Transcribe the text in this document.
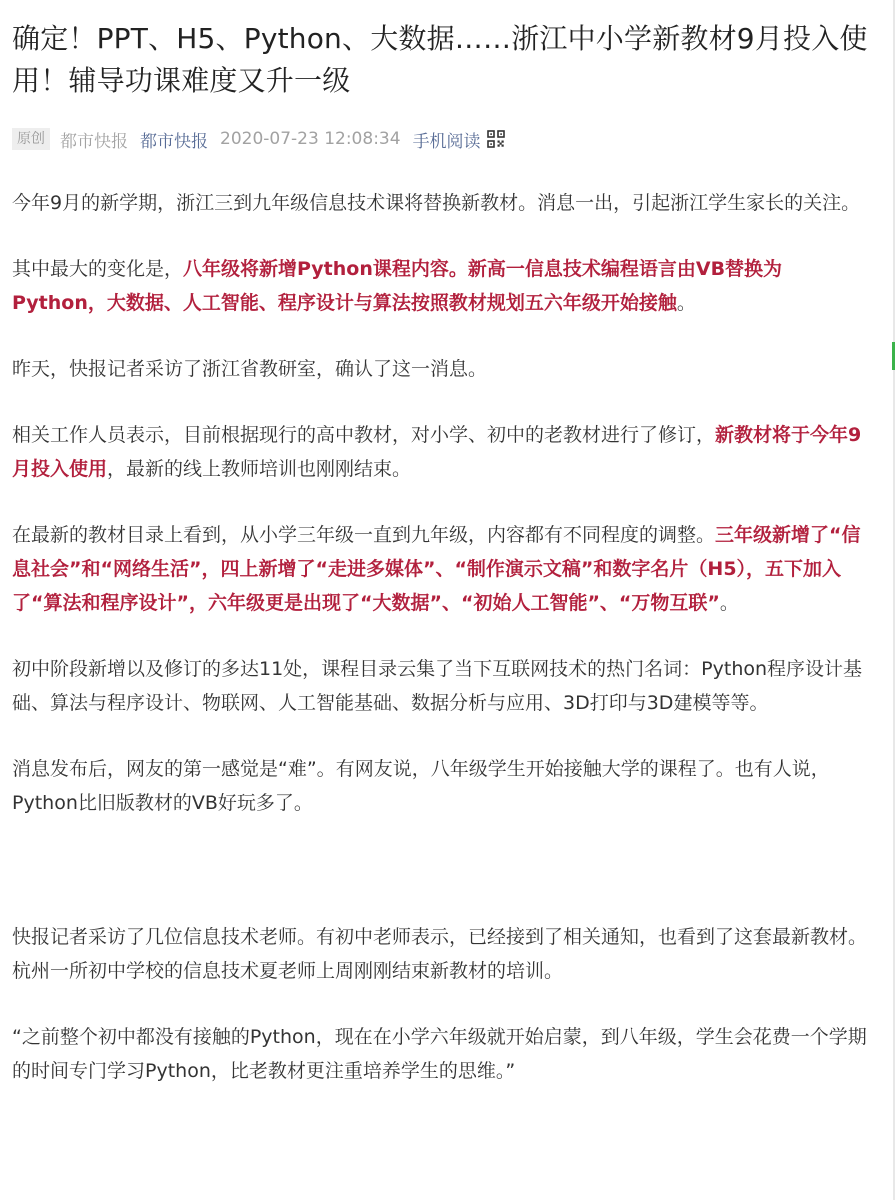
确定！PPT、H5、Python、大数据……浙江中小学新教材9月投入使用！辅导功课难度又升一级
原创 都市快报 都市快报 2020-07-23 12:08:34 手机阅读

今年9月的新学期，浙江三到九年级信息技术课将替换新教材。消息一出，引起浙江学生家长的关注。

其中最大的变化是，八年级将新增Python课程内容。新高一信息技术编程语言由VB替换为Python，大数据、人工智能、程序设计与算法按照教材规划五六年级开始接触。

昨天，快报记者采访了浙江省教研室，确认了这一消息。

相关工作人员表示，目前根据现行的高中教材，对小学、初中的老教材进行了修订，新教材将于今年9月投入使用，最新的线上教师培训也刚刚结束。

在最新的教材目录上看到，从小学三年级一直到九年级，内容都有不同程度的调整。三年级新增了“信息社会”和“网络生活”，四上新增了“走进多媒体”、“制作演示文稿”和数字名片（H5），五下加入了“算法和程序设计”，六年级更是出现了“大数据”、“初始人工智能”、“万物互联”。

初中阶段新增以及修订的多达11处，课程目录云集了当下互联网技术的热门名词：Python程序设计基础、算法与程序设计、物联网、人工智能基础、数据分析与应用、3D打印与3D建模等等。

消息发布后，网友的第一感觉是“难”。有网友说，八年级学生开始接触大学的课程了。也有人说，Python比旧版教材的VB好玩多了。

快报记者采访了几位信息技术老师。有初中老师表示，已经接到了相关通知，也看到了这套最新教材。杭州一所初中学校的信息技术夏老师上周刚刚结束新教材的培训。

“之前整个初中都没有接触的Python，现在在小学六年级就开始启蒙，到八年级，学生会花费一个学期的时间专门学习Python，比老教材更注重培养学生的思维。”
